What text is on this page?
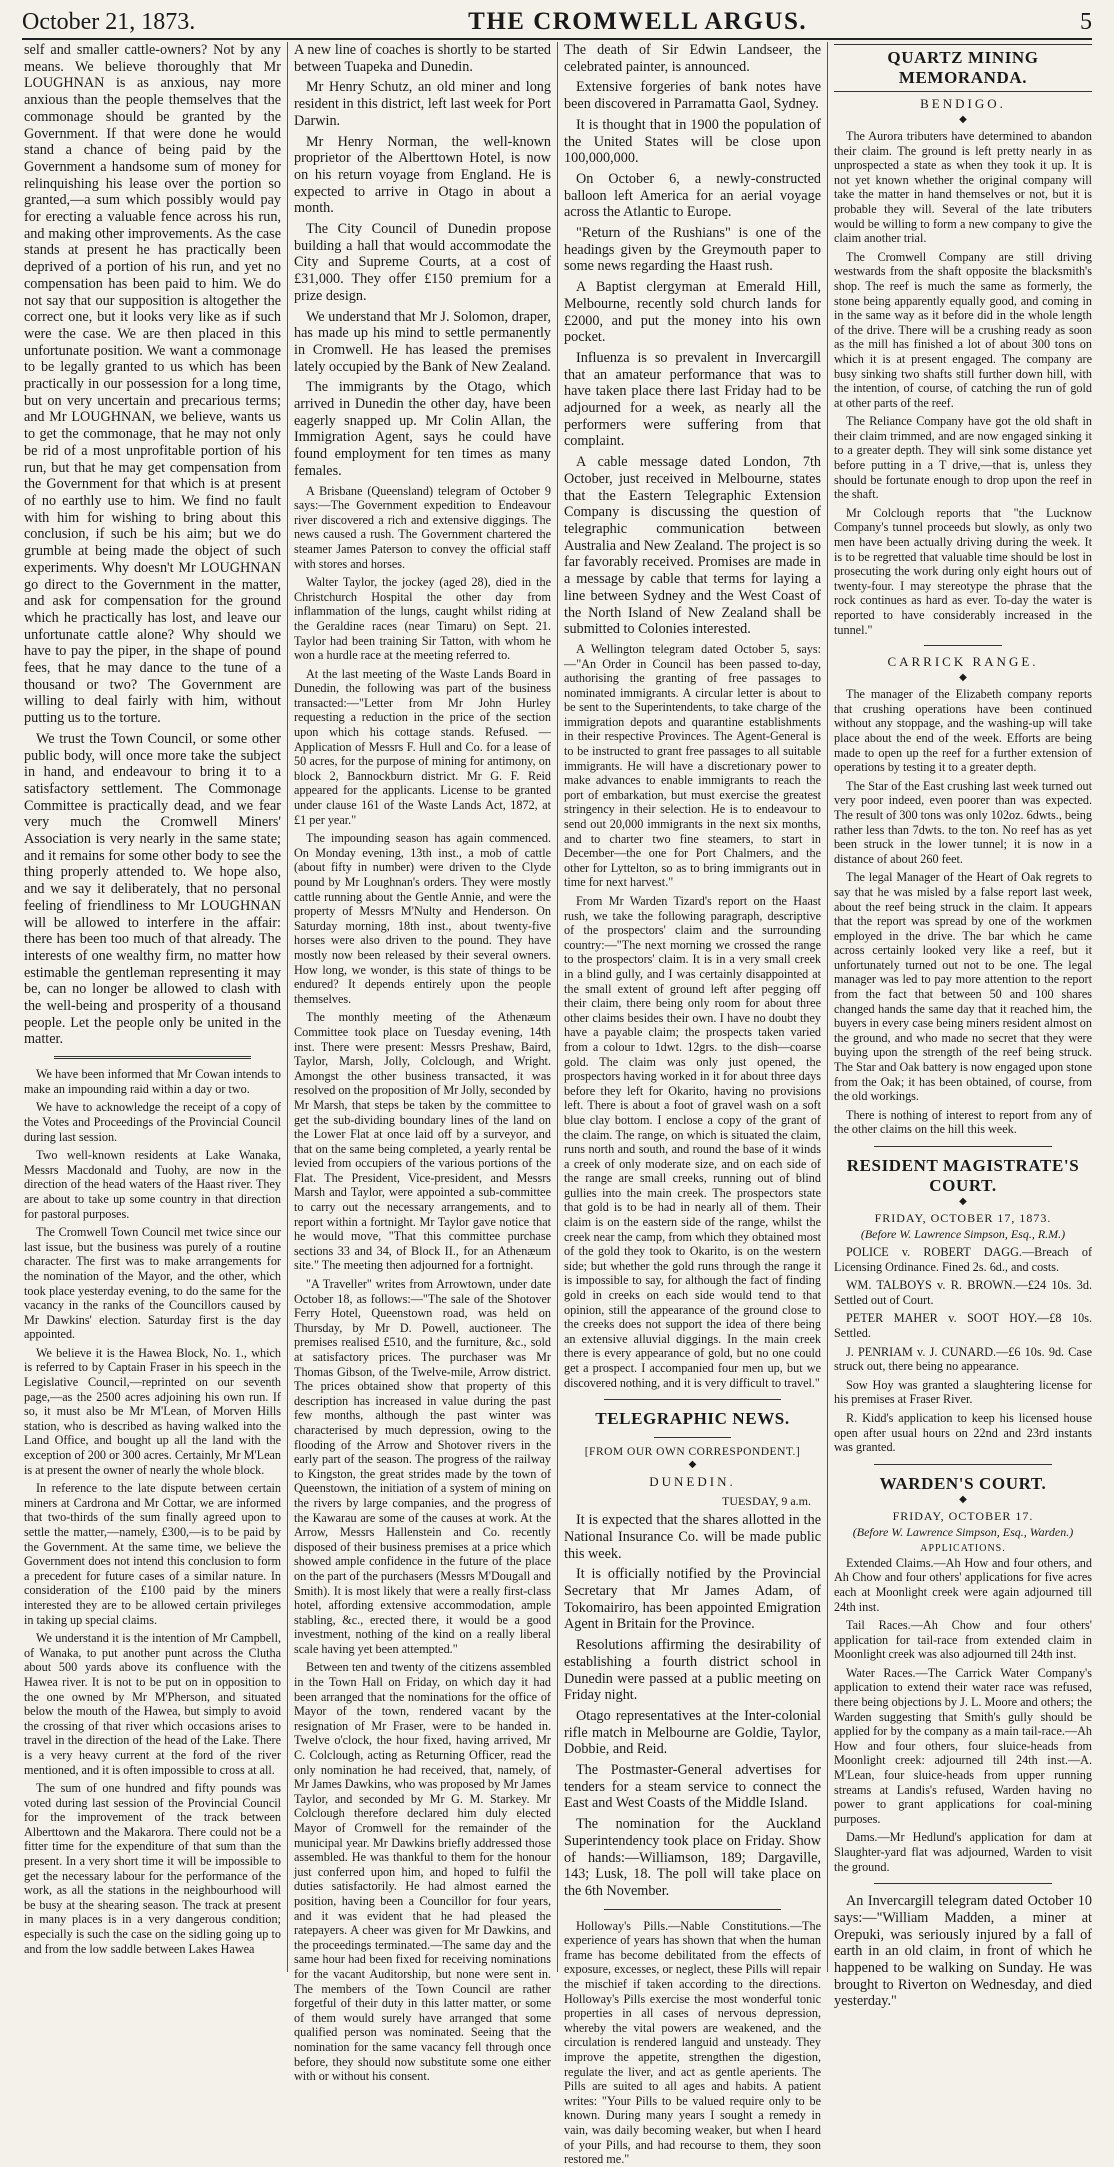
October 21, 1873.	THE CROMWELL ARGUS.	5

self and smaller cattle-owners? Not by any means. We believe thoroughly that Mr LOUGHNAN is as anxious, nay more anxious than the people themselves that the commonage should be granted by the Government. If that were done he would stand a chance of being paid by the Government a handsome sum of money for relinquishing his lease over the portion so granted,—a sum which possibly would pay for erecting a valuable fence across his run, and making other improvements. As the case stands at present he has practically been deprived of a portion of his run, and yet no compensation has been paid to him. We do not say that our supposition is altogether the correct one, but it looks very like as if such were the case. We are then placed in this unfortunate position. We want a commonage to be legally granted to us which has been practically in our possession for a long time, but on very uncertain and precarious terms; and Mr LOUGHNAN, we believe, wants us to get the commonage, that he may not only be rid of a most unprofitable portion of his run, but that he may get compensation from the Government for that which is at present of no earthly use to him. We find no fault with him for wishing to bring about this conclusion, if such be his aim; but we do grumble at being made the object of such experiments. Why doesn't Mr LOUGHNAN go direct to the Government in the matter, and ask for compensation for the ground which he practically has lost, and leave our unfortunate cattle alone? Why should we have to pay the piper, in the shape of pound fees, that he may dance to the tune of a thousand or two? The Government are willing to deal fairly with him, without putting us to the torture.

We trust the Town Council, or some other public body, will once more take the subject in hand, and endeavour to bring it to a satisfactory settlement. The Commonage Committee is practically dead, and we fear very much the Cromwell Miners' Association is very nearly in the same state; and it remains for some other body to see the thing properly attended to. We hope also, and we say it deliberately, that no personal feeling of friendliness to Mr LOUGHNAN will be allowed to interfere in the affair: there has been too much of that already. The interests of one wealthy firm, no matter how estimable the gentleman representing it may be, can no longer be allowed to clash with the well-being and prosperity of a thousand people. Let the people only be united in the matter.

We have been informed that Mr Cowan intends to make an impounding raid within a day or two.

We have to acknowledge the receipt of a copy of the Votes and Proceedings of the Provincial Council during last session.

Two well-known residents at Lake Wanaka, Messrs Macdonald and Tuohy, are now in the direction of the head waters of the Haast river. They are about to take up some country in that direction for pastoral purposes.

The Cromwell Town Council met twice since our last issue, but the business was purely of a routine character. The first was to make arrangements for the nomination of the Mayor, and the other, which took place yesterday evening, to do the same for the vacancy in the ranks of the Councillors caused by Mr Dawkins' election. Saturday first is the day appointed.

We believe it is the Hawea Block, No. 1., which is referred to by Captain Fraser in his speech in the Legislative Council,—reprinted on our seventh page,—as the 2500 acres adjoining his own run. If so, it must also be Mr M'Lean, of Morven Hills station, who is described as having walked into the Land Office, and bought up all the land with the exception of 200 or 300 acres. Certainly, Mr M'Lean is at present the owner of nearly the whole block.

In reference to the late dispute between certain miners at Cardrona and Mr Cottar, we are informed that two-thirds of the sum finally agreed upon to settle the matter,—namely, £300,—is to be paid by the Government. At the same time, we believe the Government does not intend this conclusion to form a precedent for future cases of a similar nature. In consideration of the £100 paid by the miners interested they are to be allowed certain privileges in taking up special claims.

We understand it is the intention of Mr Campbell, of Wanaka, to put another punt across the Clutha about 500 yards above its confluence with the Hawea river. It is not to be put on in opposition to the one owned by Mr M'Pherson, and situated below the mouth of the Hawea, but simply to avoid the crossing of that river which occasions arises to travel in the direction of the head of the Lake. There is a very heavy current at the ford of the river mentioned, and it is often impossible to cross at all.

The sum of one hundred and fifty pounds was voted during last session of the Provincial Council for the improvement of the track between Alberttown and the Makarora. There could not be a fitter time for the expenditure of that sum than the present. In a very short time it will be impossible to get the necessary labour for the performance of the work, as all the stations in the neighbourhood will be busy at the shearing season. The track at present in many places is in a very dangerous condition; especially is such the case on the sidling going up to and from the low saddle between Lakes Hawea

A new line of coaches is shortly to be started between Tuapeka and Dunedin.

Mr Henry Schutz, an old miner and long resident in this district, left last week for Port Darwin.

Mr Henry Norman, the well-known proprietor of the Alberttown Hotel, is now on his return voyage from England. He is expected to arrive in Otago in about a month.

The City Council of Dunedin propose building a hall that would accommodate the City and Supreme Courts, at a cost of £31,000. They offer £150 premium for a prize design.

We understand that Mr J. Solomon, draper, has made up his mind to settle permanently in Cromwell. He has leased the premises lately occupied by the Bank of New Zealand.

The immigrants by the Otago, which arrived in Dunedin the other day, have been eagerly snapped up. Mr Colin Allan, the Immigration Agent, says he could have found employment for ten times as many females.

A Brisbane (Queensland) telegram of October 9 says:—The Government expedition to Endeavour river discovered a rich and extensive diggings. The news caused a rush. The Government chartered the steamer James Paterson to convey the official staff with stores and horses.

Walter Taylor, the jockey (aged 28), died in the Christchurch Hospital the other day from inflammation of the lungs, caught whilst riding at the Geraldine races (near Timaru) on Sept. 21. Taylor had been training Sir Tatton, with whom he won a hurdle race at the meeting referred to.

At the last meeting of the Waste Lands Board in Dunedin, the following was part of the business transacted:—"Letter from Mr John Hurley requesting a reduction in the price of the section upon which his cottage stands. Refused. —Application of Messrs F. Hull and Co. for a lease of 50 acres, for the purpose of mining for antimony, on block 2, Bannockburn district. Mr G. F. Reid appeared for the applicants. License to be granted under clause 161 of the Waste Lands Act, 1872, at £1 per year."

The impounding season has again commenced. On Monday evening, 13th inst., a mob of cattle (about fifty in number) were driven to the Clyde pound by Mr Loughnan's orders. They were mostly cattle running about the Gentle Annie, and were the property of Messrs M'Nulty and Henderson. On Saturday morning, 18th inst., about twenty-five horses were also driven to the pound. They have mostly now been released by their several owners. How long, we wonder, is this state of things to be endured? It depends entirely upon the people themselves.

The monthly meeting of the Athenæum Committee took place on Tuesday evening, 14th inst. There were present: Messrs Preshaw, Baird, Taylor, Marsh, Jolly, Colclough, and Wright. Amongst the other business transacted, it was resolved on the proposition of Mr Jolly, seconded by Mr Marsh, that steps be taken by the committee to get the sub-dividing boundary lines of the land on the Lower Flat at once laid off by a surveyor, and that on the same being completed, a yearly rental be levied from occupiers of the various portions of the Flat. The President, Vice-president, and Messrs Marsh and Taylor, were appointed a sub-committee to carry out the necessary arrangements, and to report within a fortnight. Mr Taylor gave notice that he would move, "That this committee purchase sections 33 and 34, of Block II., for an Athenæum site." The meeting then adjourned for a fortnight.

"A Traveller" writes from Arrowtown, under date October 18, as follows:—"The sale of the Shotover Ferry Hotel, Queenstown road, was held on Thursday, by Mr D. Powell, auctioneer. The premises realised £510, and the furniture, &c., sold at satisfactory prices. The purchaser was Mr Thomas Gibson, of the Twelve-mile, Arrow district. The prices obtained show that property of this description has increased in value during the past few months, although the past winter was characterised by much depression, owing to the flooding of the Arrow and Shotover rivers in the early part of the season. The progress of the railway to Kingston, the great strides made by the town of Queenstown, the initiation of a system of mining on the rivers by large companies, and the progress of the Kawarau are some of the causes at work. At the Arrow, Messrs Hallenstein and Co. recently disposed of their business premises at a price which showed ample confidence in the future of the place on the part of the purchasers (Messrs M'Dougall and Smith). It is most likely that were a really first-class hotel, affording extensive accommodation, ample stabling, &c., erected there, it would be a good investment, nothing of the kind on a really liberal scale having yet been attempted."

Between ten and twenty of the citizens assembled in the Town Hall on Friday, on which day it had been arranged that the nominations for the office of Mayor of the town, rendered vacant by the resignation of Mr Fraser, were to be handed in. Twelve o'clock, the hour fixed, having arrived, Mr C. Colclough, acting as Returning Officer, read the only nomination he had received, that, namely, of Mr James Dawkins, who was proposed by Mr James Taylor, and seconded by Mr G. M. Starkey. Mr Colclough therefore declared him duly elected Mayor of Cromwell for the remainder of the municipal year. Mr Dawkins briefly addressed those assembled. He was thankful to them for the honour just conferred upon him, and hoped to fulfil the duties satisfactorily. He had almost earned the position, having been a Councillor for four years, and it was evident that he had pleased the ratepayers. A cheer was given for Mr Dawkins, and the proceedings terminated.—The same day and the same hour had been fixed for receiving nominations for the vacant Auditorship, but none were sent in. The members of the Town Council are rather forgetful of their duty in this latter matter, or some of them would surely have arranged that some qualified person was nominated. Seeing that the nomination for the same vacancy fell through once before, they should now substitute some one either with or without his consent.

The death of Sir Edwin Landseer, the celebrated painter, is announced.

Extensive forgeries of bank notes have been discovered in Parramatta Gaol, Sydney.

It is thought that in 1900 the population of the United States will be close upon 100,000,000.

On October 6, a newly-constructed balloon left America for an aerial voyage across the Atlantic to Europe.

"Return of the Rushians" is one of the headings given by the Greymouth paper to some news regarding the Haast rush.

A Baptist clergyman at Emerald Hill, Melbourne, recently sold church lands for £2000, and put the money into his own pocket.

Influenza is so prevalent in Invercargill that an amateur performance that was to have taken place there last Friday had to be adjourned for a week, as nearly all the performers were suffering from that complaint.

A cable message dated London, 7th October, just received in Melbourne, states that the Eastern Telegraphic Extension Company is discussing the question of telegraphic communication between Australia and New Zealand. The project is so far favorably received. Promises are made in a message by cable that terms for laying a line between Sydney and the West Coast of the North Island of New Zealand shall be submitted to Colonies interested.

A Wellington telegram dated October 5, says:—"An Order in Council has been passed to-day, authorising the granting of free passages to nominated immigrants. A circular letter is about to be sent to the Superintendents, to take charge of the immigration depots and quarantine establishments in their respective Provinces. The Agent-General is to be instructed to grant free passages to all suitable immigrants. He will have a discretionary power to make advances to enable immigrants to reach the port of embarkation, but must exercise the greatest stringency in their selection. He is to endeavour to send out 20,000 immigrants in the next six months, and to charter two fine steamers, to start in December—the one for Port Chalmers, and the other for Lyttelton, so as to bring immigrants out in time for next harvest."

From Mr Warden Tizard's report on the Haast rush, we take the following paragraph, descriptive of the prospectors' claim and the surrounding country:—"The next morning we crossed the range to the prospectors' claim. It is in a very small creek in a blind gully, and I was certainly disappointed at the small extent of ground left after pegging off their claim, there being only room for about three other claims besides their own. I have no doubt they have a payable claim; the prospects taken varied from a colour to 1dwt. 12grs. to the dish—coarse gold. The claim was only just opened, the prospectors having worked in it for about three days before they left for Okarito, having no provisions left. There is about a foot of gravel wash on a soft blue clay bottom. I enclose a copy of the grant of the claim. The range, on which is situated the claim, runs north and south, and round the base of it winds a creek of only moderate size, and on each side of the range are small creeks, running out of blind gullies into the main creek. The prospectors state that gold is to be had in nearly all of them. Their claim is on the eastern side of the range, whilst the creek near the camp, from which they obtained most of the gold they took to Okarito, is on the western side; but whether the gold runs through the range it is impossible to say, for although the fact of finding gold in creeks on each side would tend to that opinion, still the appearance of the ground close to the creeks does not support the idea of there being an extensive alluvial diggings. In the main creek there is every appearance of gold, but no one could get a prospect. I accompanied four men up, but we discovered nothing, and it is very difficult to travel."

TELEGRAPHIC NEWS.
[FROM OUR OWN CORRESPONDENT.]
◆
DUNEDIN.
TUESDAY, 9 a.m.

It is expected that the shares allotted in the National Insurance Co. will be made public this week.

It is officially notified by the Provincial Secretary that Mr James Adam, of Tokomairiro, has been appointed Emigration Agent in Britain for the Province.

Resolutions affirming the desirability of establishing a fourth district school in Dunedin were passed at a public meeting on Friday night.

Otago representatives at the Inter-colonial rifle match in Melbourne are Goldie, Taylor, Dobbie, and Reid.

The Postmaster-General advertises for tenders for a steam service to connect the East and West Coasts of the Middle Island.

The nomination for the Auckland Superintendency took place on Friday. Show of hands:—Williamson, 189; Dargaville, 143; Lusk, 18. The poll will take place on the 6th November.

Holloway's Pills.—Nable Constitutions.—The experience of years has shown that when the human frame has become debilitated from the effects of exposure, excesses, or neglect, these Pills will repair the mischief if taken according to the directions. Holloway's Pills exercise the most wonderful tonic properties in all cases of nervous depression, whereby the vital powers are weakened, and the circulation is rendered languid and unsteady. They improve the appetite, strengthen the digestion, regulate the liver, and act as gentle aperients. The Pills are suited to all ages and habits. A patient writes: "Your Pills to be valued require only to be known. During many years I sought a remedy in vain, was daily becoming weaker, but when I heard of your Pills, and had recourse to them, they soon restored me."

QUARTZ MINING MEMORANDA.
BENDIGO.
◆

The Aurora tributers have determined to abandon their claim. The ground is left pretty nearly in as unprospected a state as when they took it up. It is not yet known whether the original company will take the matter in hand themselves or not, but it is probable they will. Several of the late tributers would be willing to form a new company to give the claim another trial.

The Cromwell Company are still driving westwards from the shaft opposite the blacksmith's shop. The reef is much the same as formerly, the stone being apparently equally good, and coming in in the same way as it before did in the whole length of the drive. There will be a crushing ready as soon as the mill has finished a lot of about 300 tons on which it is at present engaged. The company are busy sinking two shafts still further down hill, with the intention, of course, of catching the run of gold at other parts of the reef.

The Reliance Company have got the old shaft in their claim trimmed, and are now engaged sinking it to a greater depth. They will sink some distance yet before putting in a T drive,—that is, unless they should be fortunate enough to drop upon the reef in the shaft.

Mr Colclough reports that "the Lucknow Company's tunnel proceeds but slowly, as only two men have been actually driving during the week. It is to be regretted that valuable time should be lost in prosecuting the work during only eight hours out of twenty-four. I may stereotype the phrase that the rock continues as hard as ever. To-day the water is reported to have considerably increased in the tunnel."

CARRICK RANGE.
◆

The manager of the Elizabeth company reports that crushing operations have been continued without any stoppage, and the washing-up will take place about the end of the week. Efforts are being made to open up the reef for a further extension of operations by testing it to a greater depth.

The Star of the East crushing last week turned out very poor indeed, even poorer than was expected. The result of 300 tons was only 102oz. 6dwts., being rather less than 7dwts. to the ton. No reef has as yet been struck in the lower tunnel; it is now in a distance of about 260 feet.

The legal Manager of the Heart of Oak regrets to say that he was misled by a false report last week, about the reef being struck in the claim. It appears that the report was spread by one of the workmen employed in the drive. The bar which he came across certainly looked very like a reef, but it unfortunately turned out not to be one. The legal manager was led to pay more attention to the report from the fact that between 50 and 100 shares changed hands the same day that it reached him, the buyers in every case being miners resident almost on the ground, and who made no secret that they were buying upon the strength of the reef being struck. The Star and Oak battery is now engaged upon stone from the Oak; it has been obtained, of course, from the old workings.

There is nothing of interest to report from any of the other claims on the hill this week.

RESIDENT MAGISTRATE'S COURT.
◆
FRIDAY, OCTOBER 17, 1873.
(Before W. Lawrence Simpson, Esq., R.M.)

POLICE v. ROBERT DAGG.—Breach of Licensing Ordinance. Fined 2s. 6d., and costs.

WM. TALBOYS v. R. BROWN.—£24 10s. 3d. Settled out of Court.

PETER MAHER v. SOOT HOY.—£8 10s. Settled.

J. PENRIAM v. J. CUNARD.—£6 10s. 9d. Case struck out, there being no appearance.

Sow Hoy was granted a slaughtering license for his premises at Fraser River.

R. Kidd's application to keep his licensed house open after usual hours on 22nd and 23rd instants was granted.

WARDEN'S COURT.
◆
FRIDAY, OCTOBER 17.
(Before W. Lawrence Simpson, Esq., Warden.)
APPLICATIONS.

Extended Claims.—Ah How and four others, and Ah Chow and four others' applications for five acres each at Moonlight creek were again adjourned till 24th inst.

Tail Races.—Ah Chow and four others' application for tail-race from extended claim in Moonlight creek was also adjourned till 24th inst.

Water Races.—The Carrick Water Company's application to extend their water race was refused, there being objections by J. L. Moore and others; the Warden suggesting that Smith's gully should be applied for by the company as a main tail-race.—Ah How and four others, four sluice-heads from Moonlight creek: adjourned till 24th inst.—A. M'Lean, four sluice-heads from upper running streams at Landis's refused, Warden having no power to grant applications for coal-mining purposes.

Dams.—Mr Hedlund's application for dam at Slaughter-yard flat was adjourned, Warden to visit the ground.

An Invercargill telegram dated October 10 says:—"William Madden, a miner at Orepuki, was seriously injured by a fall of earth in an old claim, in front of which he happened to be walking on Sunday. He was brought to Riverton on Wednesday, and died yesterday."
